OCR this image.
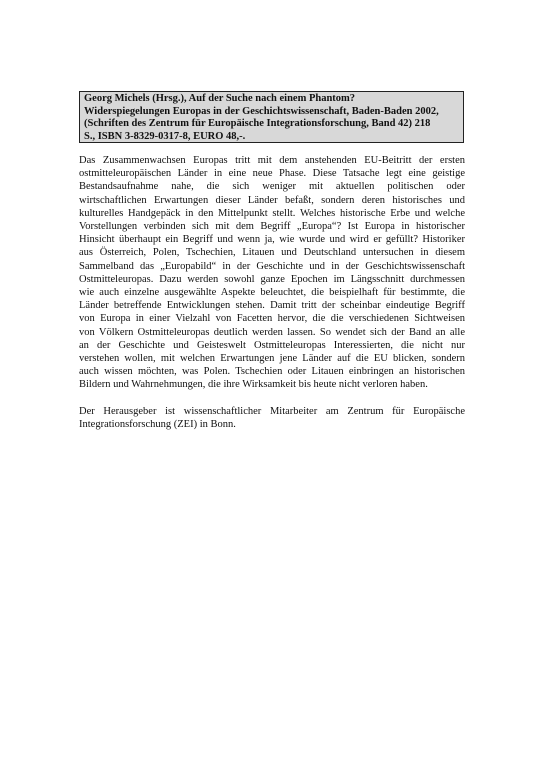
Georg Michels (Hrsg.), Auf der Suche nach einem Phantom?
Widerspiegelungen Europas in der Geschichtswissenschaft, Baden-Baden 2002,
(Schriften des Zentrum für Europäische Integrationsforschung, Band 42) 218
S., ISBN 3-8329-0317-8, EURO 48,-.

Das Zusammenwachsen Europas tritt mit dem anstehenden EU-Beitritt der ersten
ostmitteleuropäischen Länder in eine neue Phase. Diese Tatsache legt eine geistige
Bestandsaufnahme nahe, die sich weniger mit aktuellen politischen oder
wirtschaftlichen Erwartungen dieser Länder befaßt, sondern deren historisches und
kulturelles Handgepäck in den Mittelpunkt stellt. Welches historische Erbe und welche
Vorstellungen verbinden sich mit dem Begriff „Europa“? Ist Europa in historischer
Hinsicht überhaupt ein Begriff und wenn ja, wie wurde und wird er gefüllt? Historiker
aus Österreich, Polen, Tschechien, Litauen und Deutschland untersuchen in diesem
Sammelband das „Europabild“ in der Geschichte und in der Geschichtswissenschaft
Ostmitteleuropas. Dazu werden sowohl ganze Epochen im Längsschnitt durchmessen
wie auch einzelne ausgewählte Aspekte beleuchtet, die beispielhaft für bestimmte, die
Länder betreffende Entwicklungen stehen. Damit tritt der scheinbar eindeutige Begriff
von Europa in einer Vielzahl von Facetten hervor, die die verschiedenen Sichtweisen
von Völkern Ostmitteleuropas deutlich werden lassen. So wendet sich der Band an alle
an der Geschichte und Geisteswelt Ostmitteleuropas Interessierten, die nicht nur
verstehen wollen, mit welchen Erwartungen jene Länder auf die EU blicken, sondern
auch wissen möchten, was Polen. Tschechien oder Litauen einbringen an historischen
Bildern und Wahrnehmungen, die ihre Wirksamkeit bis heute nicht verloren haben.

Der Herausgeber ist wissenschaftlicher Mitarbeiter am Zentrum für Europäische
Integrationsforschung (ZEI) in Bonn.
